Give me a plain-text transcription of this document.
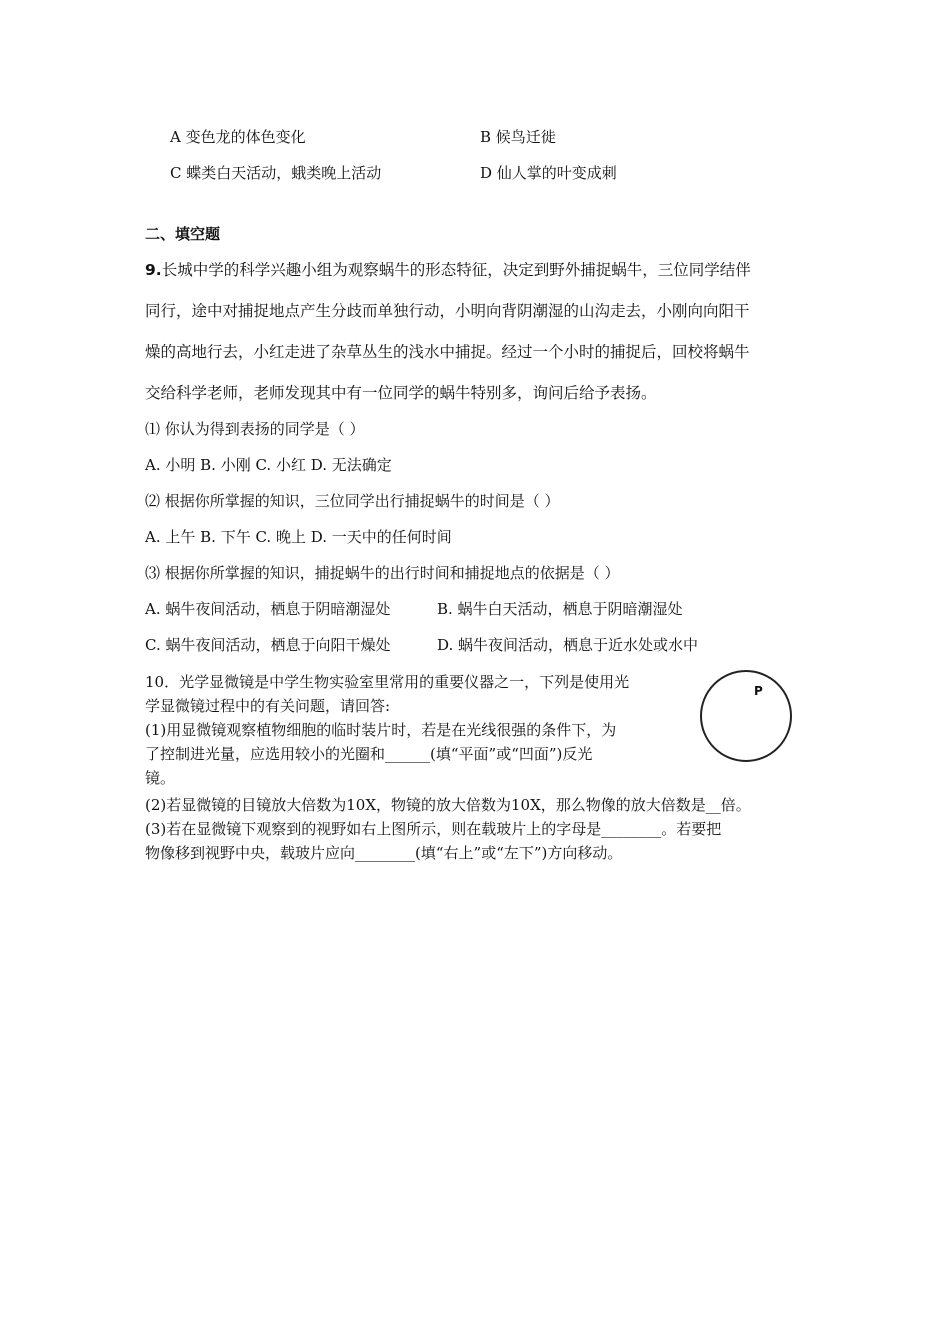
A 变色龙的体色变化	B 候鸟迁徙
C 蝶类白天活动，蛾类晚上活动	D 仙人掌的叶变成刺
二、填空题
9.长城中学的科学兴趣小组为观察蜗牛的形态特征，决定到野外捕捉蜗牛，三位同学结伴
同行，途中对捕捉地点产生分歧而单独行动，小明向背阴潮湿的山沟走去，小刚向向阳干
燥的高地行去，小红走进了杂草丛生的浅水中捕捉。经过一个小时的捕捉后，回校将蜗牛
交给科学老师，老师发现其中有一位同学的蜗牛特别多，询问后给予表扬。
⑴ 你认为得到表扬的同学是（ ）
A. 小明 B. 小刚 C. 小红 D. 无法确定
⑵ 根据你所掌握的知识，三位同学出行捕捉蜗牛的时间是（ ）
A. 上午 B. 下午 C. 晚上 D. 一天中的任何时间
⑶ 根据你所掌握的知识，捕捉蜗牛的出行时间和捕捉地点的依据是（ ）
A. 蜗牛夜间活动，栖息于阴暗潮湿处	B. 蜗牛白天活动，栖息于阴暗潮湿处
C. 蜗牛夜间活动，栖息于向阳干燥处	D. 蜗牛夜间活动，栖息于近水处或水中
10．光学显微镜是中学生物实验室里常用的重要仪器之一，下列是使用光
学显微镜过程中的有关问题，请回答:
(1)用显微镜观察植物细胞的临时装片时，若是在光线很强的条件下，为
了控制进光量，应选用较小的光圈和______(填“平面”或“凹面”)反光
镜。
(2)若显微镜的目镜放大倍数为10X，物镜的放大倍数为10X，那么物像的放大倍数是__倍。
(3)若在显微镜下观察到的视野如右上图所示，则在载玻片上的字母是________。若要把
物像移到视野中央，载玻片应向________(填“右上”或“左下”)方向移动。
P
